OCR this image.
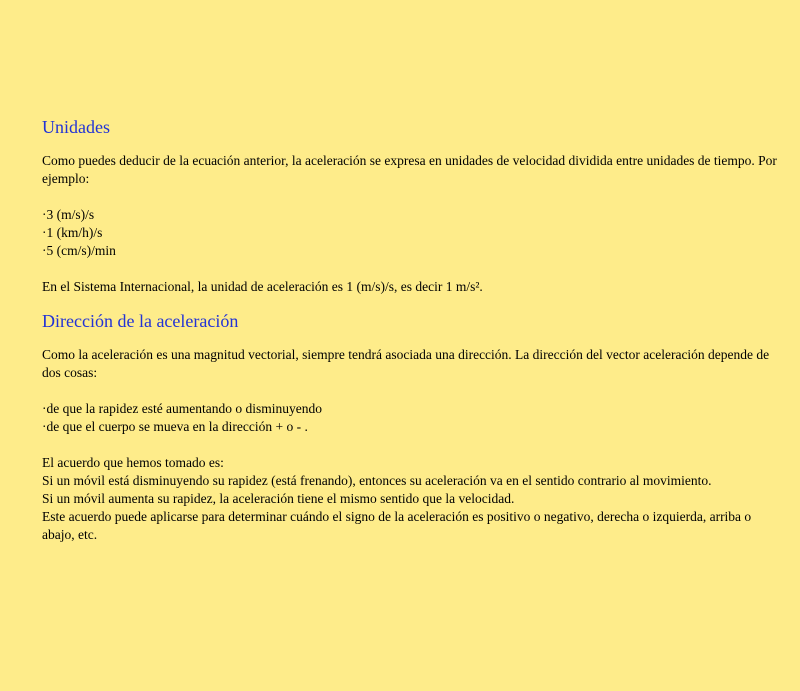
Unidades

Como puedes deducir de la ecuación anterior, la aceleración se expresa en unidades de velocidad dividida entre unidades de tiempo. Por ejemplo:

·3 (m/s)/s
·1 (km/h)/s
·5 (cm/s)/min

En el Sistema Internacional, la unidad de aceleración es 1 (m/s)/s, es decir 1 m/s².

Dirección de la aceleración

Como la aceleración es una magnitud vectorial, siempre tendrá asociada una dirección. La dirección del vector aceleración depende de dos cosas:

·de que la rapidez esté aumentando o disminuyendo
·de que el cuerpo se mueva en la dirección + o - .

El acuerdo que hemos tomado es:

Si un móvil está disminuyendo su rapidez (está frenando), entonces su aceleración va en el sentido contrario al movimiento.

Si un móvil aumenta su rapidez, la aceleración tiene el mismo sentido que la velocidad.

Este acuerdo puede aplicarse para determinar cuándo el signo de la aceleración es positivo o negativo, derecha o izquierda, arriba o abajo, etc.
